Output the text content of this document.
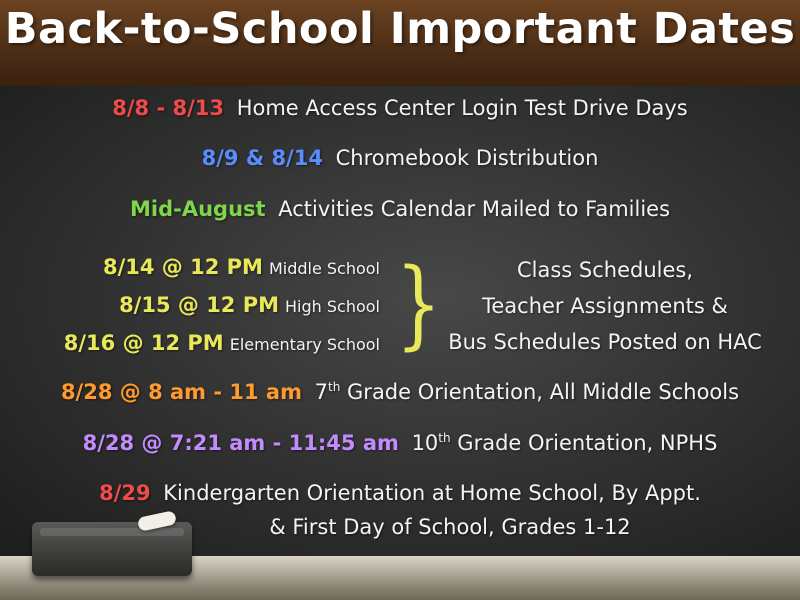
Back-to-School Important Dates
8/8 - 8/13 Home Access Center Login Test Drive Days
8/9 & 8/14 Chromebook Distribution
Mid-August Activities Calendar Mailed to Families
8/14 @ 12 PM Middle School
8/15 @ 12 PM High School
8/16 @ 12 PM Elementary School }	Class Schedules,
Teacher Assignments &
Bus Schedules Posted on HAC
8/28 @ 8 am - 11 am 7th Grade Orientation, All Middle Schools
8/28 @ 7:21 am - 11:45 am 10th Grade Orientation, NPHS
8/29 Kindergarten Orientation at Home School, By Appt.
& First Day of School, Grades 1-12
